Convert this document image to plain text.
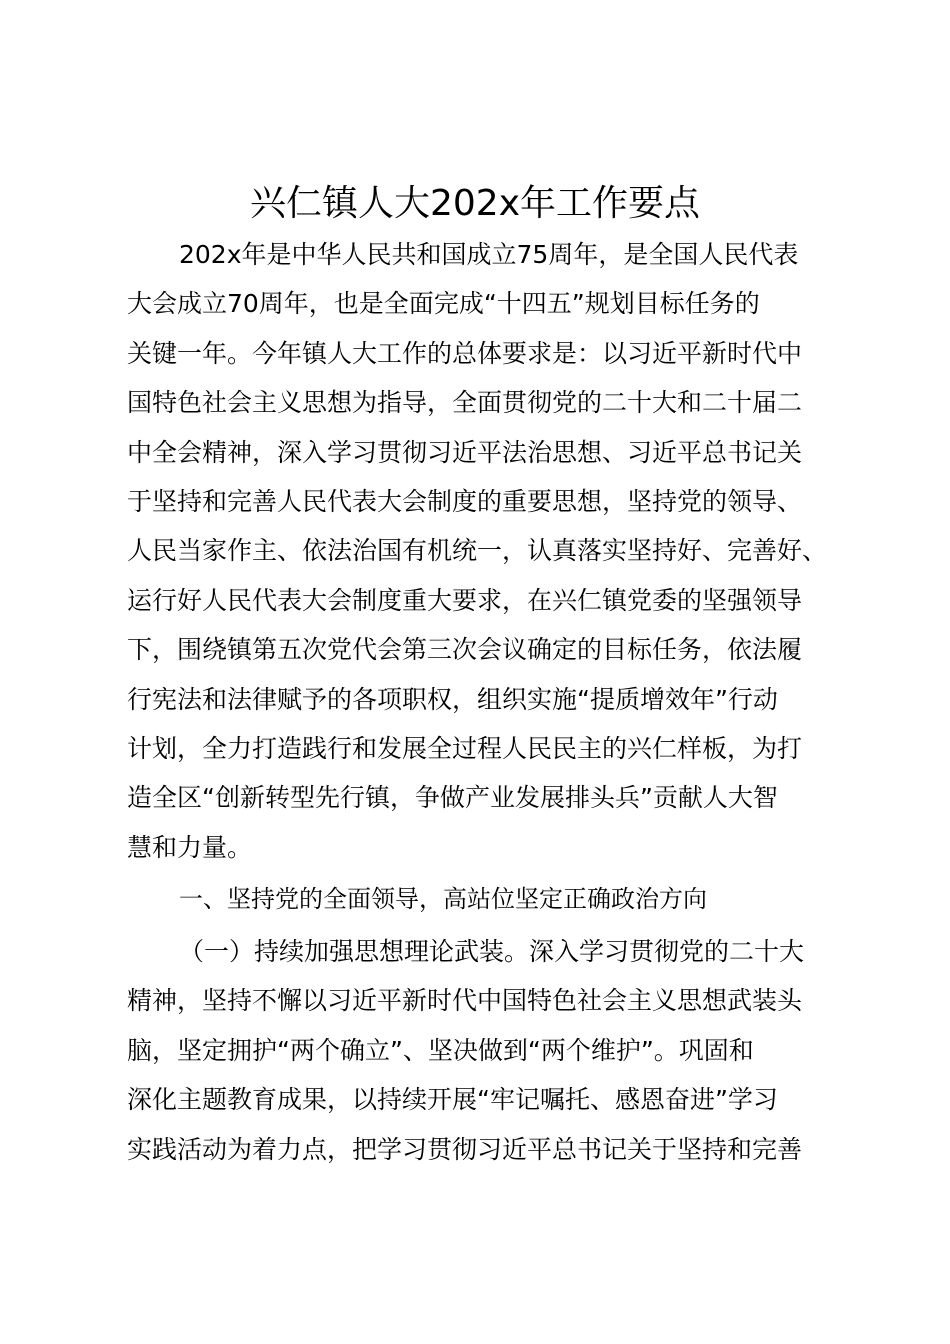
兴仁镇人大202x年工作要点
202x年是中华人民共和国成立75周年，是全国人民代表
大会成立70周年，也是全面完成“十四五”规划目标任务的
关键一年。今年镇人大工作的总体要求是：以习近平新时代中
国特色社会主义思想为指导，全面贯彻党的二十大和二十届二
中全会精神，深入学习贯彻习近平法治思想、习近平总书记关
于坚持和完善人民代表大会制度的重要思想，坚持党的领导、
人民当家作主、依法治国有机统一，认真落实坚持好、完善好、
运行好人民代表大会制度重大要求，在兴仁镇党委的坚强领导
下，围绕镇第五次党代会第三次会议确定的目标任务，依法履
行宪法和法律赋予的各项职权，组织实施“提质增效年”行动
计划，全力打造践行和发展全过程人民民主的兴仁样板，为打
造全区“创新转型先行镇，争做产业发展排头兵”贡献人大智
慧和力量。
一、坚持党的全面领导，高站位坚定正确政治方向
（一）持续加强思想理论武装。深入学习贯彻党的二十大
精神，坚持不懈以习近平新时代中国特色社会主义思想武装头
脑，坚定拥护“两个确立”、坚决做到“两个维护”。巩固和
深化主题教育成果，以持续开展“牢记嘱托、感恩奋进”学习
实践活动为着力点，把学习贯彻习近平总书记关于坚持和完善
